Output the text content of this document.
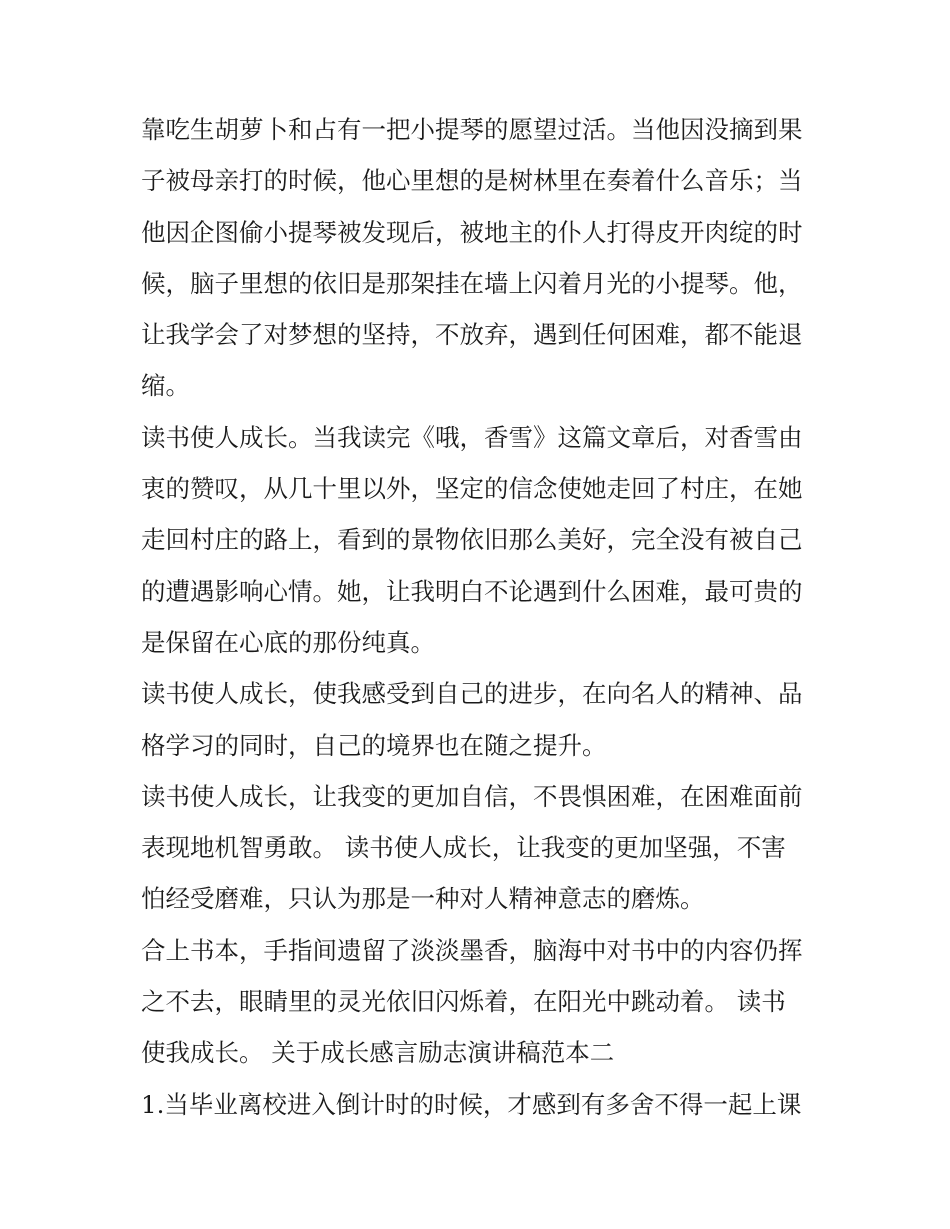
靠吃生胡萝卜和占有一把小提琴的愿望过活。当他因没摘到果
子被母亲打的时候，他心里想的是树林里在奏着什么音乐；当
他因企图偷小提琴被发现后，被地主的仆人打得皮开肉绽的时
候，脑子里想的依旧是那架挂在墙上闪着月光的小提琴。他，
让我学会了对梦想的坚持，不放弃，遇到任何困难，都不能退
缩。
读书使人成长。当我读完《哦，香雪》这篇文章后，对香雪由
衷的赞叹，从几十里以外，坚定的信念使她走回了村庄，在她
走回村庄的路上，看到的景物依旧那么美好，完全没有被自己
的遭遇影响心情。她，让我明白不论遇到什么困难，最可贵的
是保留在心底的那份纯真。
读书使人成长，使我感受到自己的进步，在向名人的精神、品
格学习的同时，自己的境界也在随之提升。
读书使人成长，让我变的更加自信，不畏惧困难，在困难面前
表现地机智勇敢。 读书使人成长，让我变的更加坚强，不害
怕经受磨难，只认为那是一种对人精神意志的磨炼。
合上书本，手指间遗留了淡淡墨香，脑海中对书中的内容仍挥
之不去，眼睛里的灵光依旧闪烁着，在阳光中跳动着。 读书
使我成长。 关于成长感言励志演讲稿范本二
1.当毕业离校进入倒计时的时候，才感到有多舍不得一起上课
